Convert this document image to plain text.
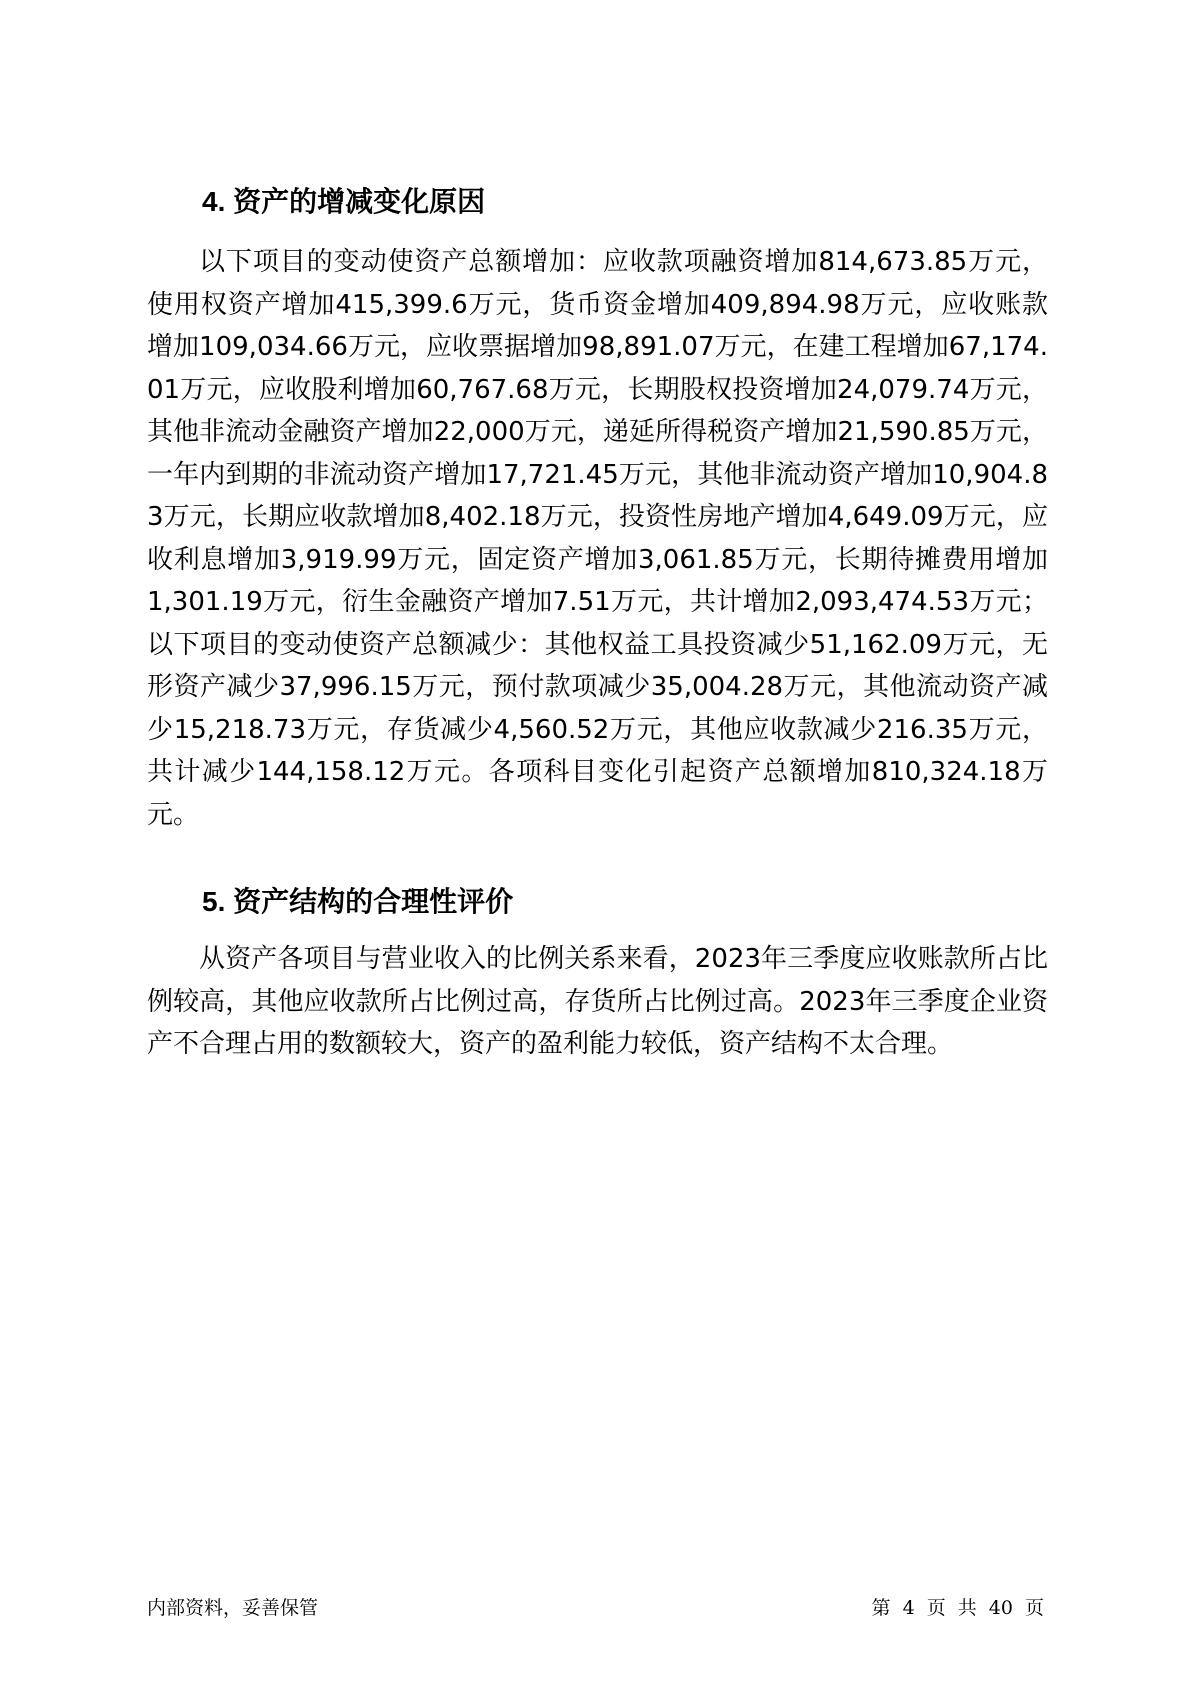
4. 资产的增减变化原因

以下项目的变动使资产总额增加：应收款项融资增加814,673.85万元，使用权资产增加415,399.6万元，货币资金增加409,894.98万元，应收账款增加109,034.66万元，应收票据增加98,891.07万元，在建工程增加67,174.01万元，应收股利增加60,767.68万元，长期股权投资增加24,079.74万元，其他非流动金融资产增加22,000万元，递延所得税资产增加21,590.85万元，一年内到期的非流动资产增加17,721.45万元，其他非流动资产增加10,904.83万元，长期应收款增加8,402.18万元，投资性房地产增加4,649.09万元，应收利息增加3,919.99万元，固定资产增加3,061.85万元，长期待摊费用增加1,301.19万元，衍生金融资产增加7.51万元，共计增加2,093,474.53万元；以下项目的变动使资产总额减少：其他权益工具投资减少51,162.09万元，无形资产减少37,996.15万元，预付款项减少35,004.28万元，其他流动资产减少15,218.73万元，存货减少4,560.52万元，其他应收款减少216.35万元，共计减少144,158.12万元。各项科目变化引起资产总额增加810,324.18万元。

5. 资产结构的合理性评价

从资产各项目与营业收入的比例关系来看，2023年三季度应收账款所占比例较高，其他应收款所占比例过高，存货所占比例过高。2023年三季度企业资产不合理占用的数额较大，资产的盈利能力较低，资产结构不太合理。

内部资料，妥善保管	第 4 页 共 40 页
